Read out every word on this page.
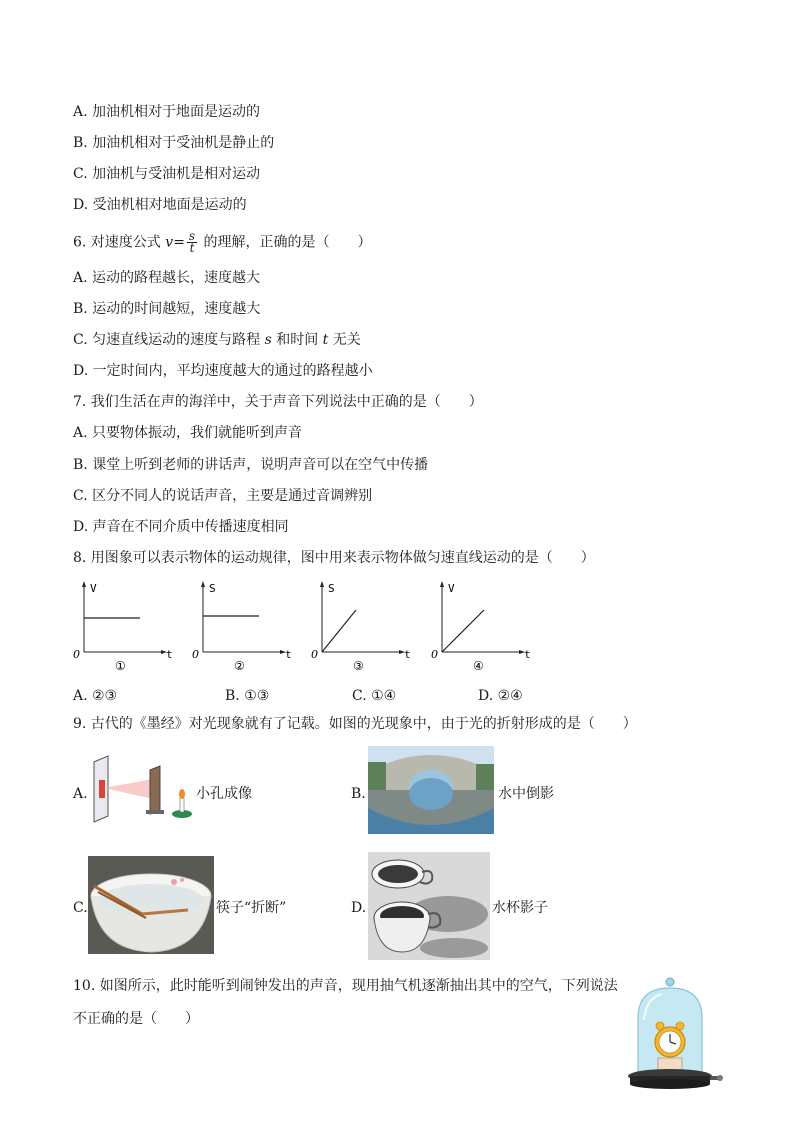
A. 加油机相对于地面是运动的
B. 加油机相对于受油机是静止的
C. 加油机与受油机是相对运动
D. 受油机相对地面是运动的
6. 对速度公式 $v= \frac{s}{t}$ 的理解，正确的是（　　）
A. 运动的路程越长，速度越大
B. 运动的时间越短，速度越大
C. 匀速直线运动的速度与路程 s 和时间 t 无关
D. 一定时间内，平均速度越大的通过的路程越小
7. 我们生活在声的海洋中，关于声音下列说法中正确的是（　　）
A. 只要物体振动，我们就能听到声音
B. 课堂上听到老师的讲话声，说明声音可以在空气中传播
C. 区分不同人的说话声音，主要是通过音调辨别
D. 声音在不同介质中传播速度相同
8. 用图象可以表示物体的运动规律，图中用来表示物体做匀速直线运动的是（　　）
V
t
0
①
S
t
0
②
S
t
0
③
V
t
0
④
A. ②③	B. ①③	C. ①④	D. ②④
9. 古代的《墨经》对光现象就有了记载。如图的光现象中，由于光的折射形成的是（　　）
A.	小孔成像	B.	水中倒影
C.	筷子“折断”	D.	水杯影子
10. 如图所示，此时能听到闹钟发出的声音，现用抽气机逐渐抽出其中的空气，下列说法
不正确的是（　　）
